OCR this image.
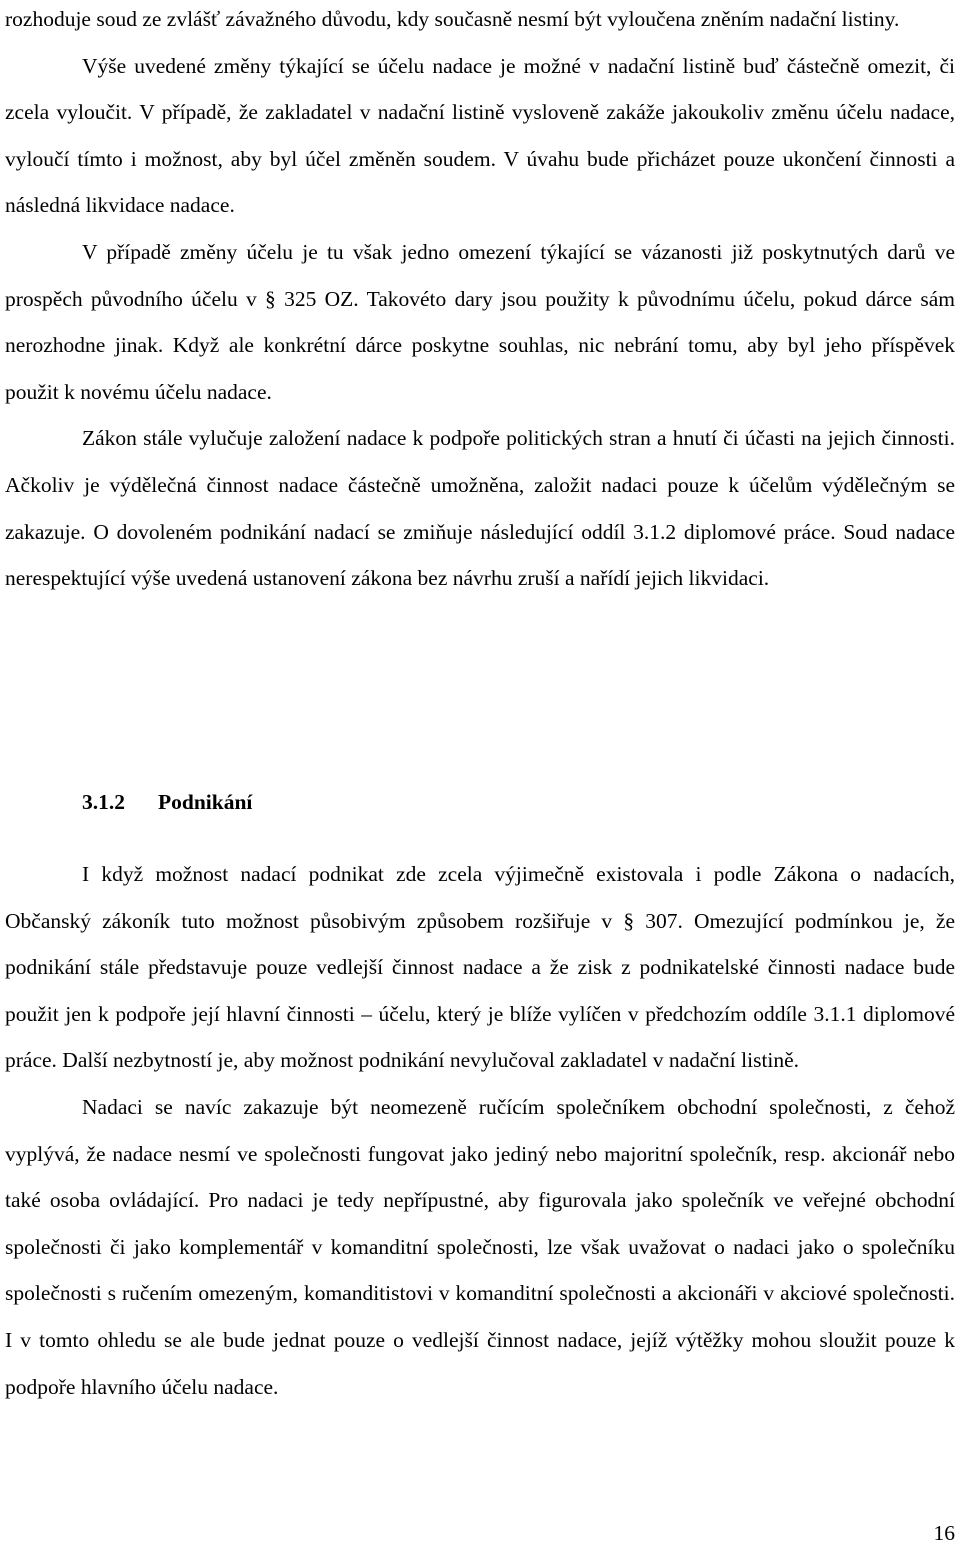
rozhoduje soud ze zvlášť závažného důvodu, kdy současně nesmí být vyloučena zněním nadační listiny.

Výše uvedené změny týkající se účelu nadace je možné v nadační listině buď částečně omezit, či zcela vyloučit. V případě, že zakladatel v nadační listině vysloveně zakáže jakoukoliv změnu účelu nadace, vyloučí tímto i možnost, aby byl účel změněn soudem. V úvahu bude přicházet pouze ukončení činnosti a následná likvidace nadace.

V případě změny účelu je tu však jedno omezení týkající se vázanosti již poskytnutých darů ve prospěch původního účelu v § 325 OZ. Takovéto dary jsou použity k původnímu účelu, pokud dárce sám nerozhodne jinak. Když ale konkrétní dárce poskytne souhlas, nic nebrání tomu, aby byl jeho příspěvek použit k novému účelu nadace.

Zákon stále vylučuje založení nadace k podpoře politických stran a hnutí či účasti na jejich činnosti. Ačkoliv je výdělečná činnost nadace částečně umožněna, založit nadaci pouze k účelům výdělečným se zakazuje. O dovoleném podnikání nadací se zmiňuje následující oddíl 3.1.2 diplomové práce. Soud nadace nerespektující výše uvedená ustanovení zákona bez návrhu zruší a nařídí jejich likvidaci.

3.1.2 Podnikání

I když možnost nadací podnikat zde zcela výjimečně existovala i podle Zákona o nadacích, Občanský zákoník tuto možnost působivým způsobem rozšiřuje v § 307. Omezující podmínkou je, že podnikání stále představuje pouze vedlejší činnost nadace a že zisk z podnikatelské činnosti nadace bude použit jen k podpoře její hlavní činnosti – účelu, který je blíže vylíčen v předchozím oddíle 3.1.1 diplomové práce. Další nezbytností je, aby možnost podnikání nevylučoval zakladatel v nadační listině.

Nadaci se navíc zakazuje být neomezeně ručícím společníkem obchodní společnosti, z čehož vyplývá, že nadace nesmí ve společnosti fungovat jako jediný nebo majoritní společník, resp. akcionář nebo také osoba ovládající. Pro nadaci je tedy nepřípustné, aby figurovala jako společník ve veřejné obchodní společnosti či jako komplementář v komanditní společnosti, lze však uvažovat o nadaci jako o společníku společnosti s ručením omezeným, komanditistovi v komanditní společnosti a akcionáři v akciové společnosti. I v tomto ohledu se ale bude jednat pouze o vedlejší činnost nadace, jejíž výtěžky mohou sloužit pouze k podpoře hlavního účelu nadace.

16
